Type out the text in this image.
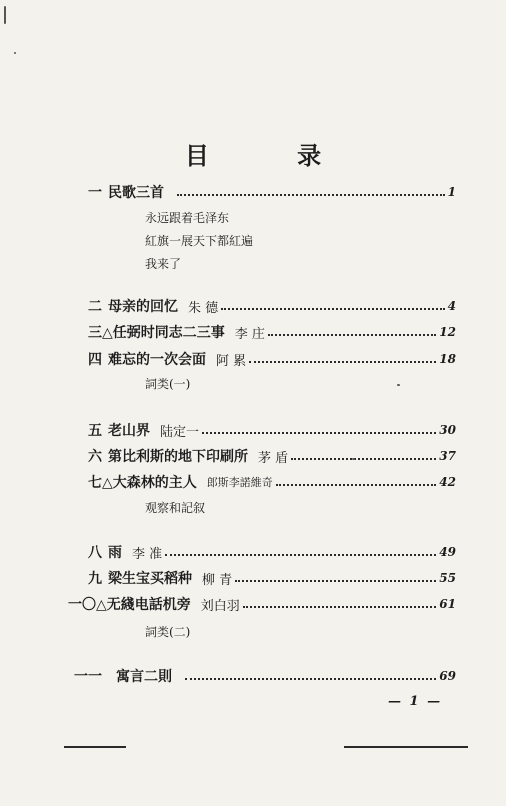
目 录
一 民歌三首	1
永远跟着毛泽东
紅旗一展天下都紅遍
我来了
二 母亲的回忆 朱 德	4
三△ 任弼时同志二三事 李 庄	12
四 难忘的一次会面 阿 累	18
詞类(一)
五 老山界 陆定一	30
六 第比利斯的地下印刷所 茅 盾	37
七△ 大森林的主人 郎斯李諾維奇	42
观察和記叙
八 雨 李 准	49
九 梁生宝买稻种 柳 青	55
一〇△ 无綫电話机旁 刘白羽	61
詞类(二)
一一 寓言二則	69
— 1 —
